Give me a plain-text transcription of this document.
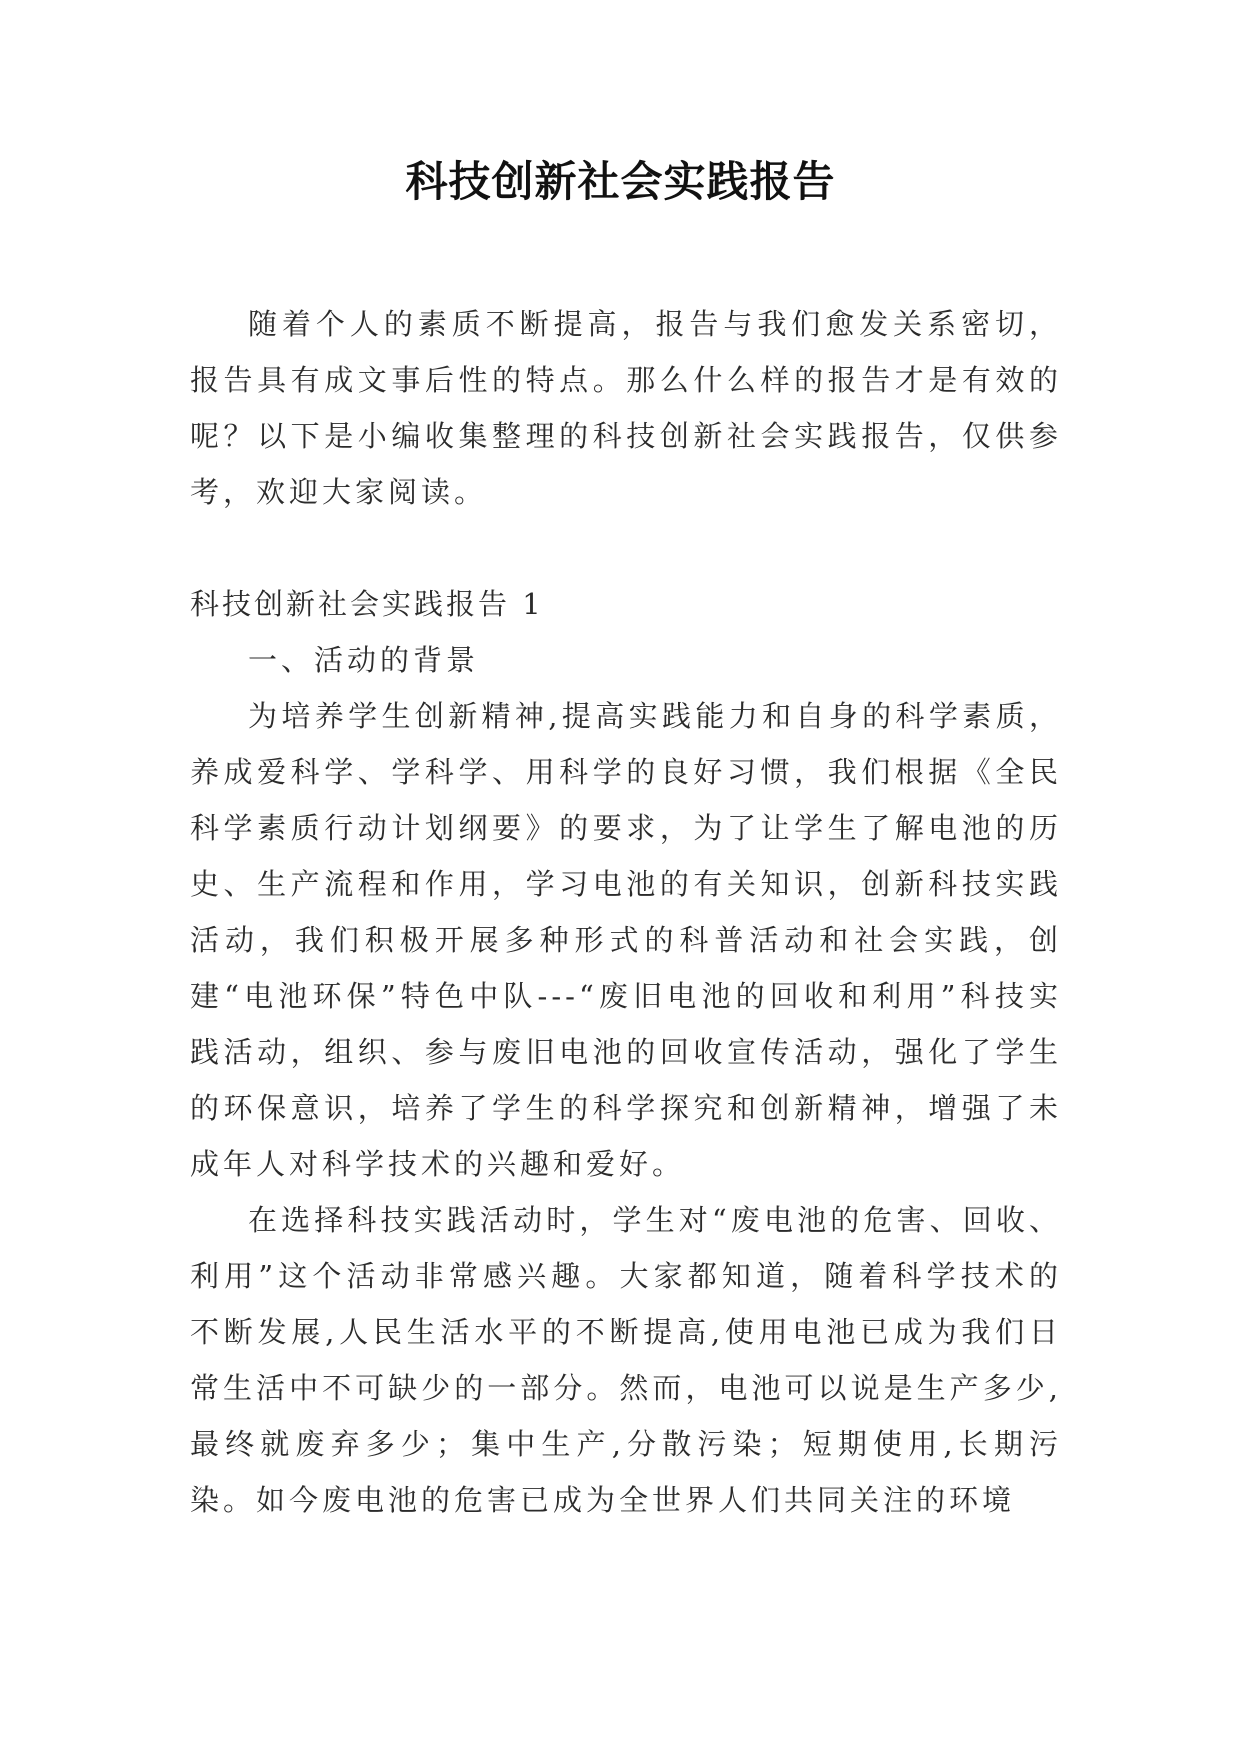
科技创新社会实践报告

随着个人的素质不断提高，报告与我们愈发关系密切，报告具有成文事后性的特点。那么什么样的报告才是有效的呢？以下是小编收集整理的科技创新社会实践报告，仅供参考，欢迎大家阅读。

科技创新社会实践报告 1

一、活动的背景

为培养学生创新精神,提高实践能力和自身的科学素质，养成爱科学、学科学、用科学的良好习惯，我们根据《全民科学素质行动计划纲要》的要求，为了让学生了解电池的历史、生产流程和作用，学习电池的有关知识，创新科技实践活动，我们积极开展多种形式的科普活动和社会实践，创建“电池环保”特色中队---“废旧电池的回收和利用”科技实践活动，组织、参与废旧电池的回收宣传活动，强化了学生的环保意识，培养了学生的科学探究和创新精神，增强了未成年人对科学技术的兴趣和爱好。

在选择科技实践活动时，学生对“废电池的危害、回收、利用”这个活动非常感兴趣。大家都知道，随着科学技术的不断发展,人民生活水平的不断提高,使用电池已成为我们日常生活中不可缺少的一部分。然而，电池可以说是生产多少,最终就废弃多少；集中生产,分散污染；短期使用,长期污染。如今废电池的危害已成为全世界人们共同关注的环境
